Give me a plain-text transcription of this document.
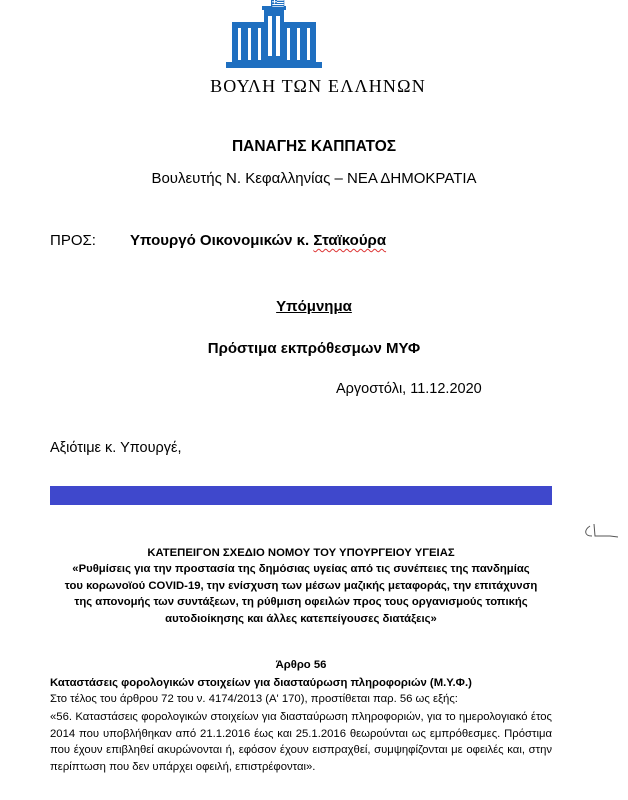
ΒΟΥΛΗ ΤΩΝ ΕΛΛΗΝΩΝ
ΠΑΝΑΓΗΣ ΚΑΠΠΑΤΟΣ
Βουλευτής Ν. Κεφαλληνίας – ΝΕΑ ΔΗΜΟΚΡΑΤΙΑ
ΠΡΟΣ: Υπουργό Οικονομικών κ. Σταϊκούρα
Υπόμνημα
Πρόστιμα εκπρόθεσμων ΜΥΦ
Αργοστόλι, 11.12.2020
Αξιότιμε κ. Υπουργέ,
ΚΑΤΕΠΕΙΓΟΝ ΣΧΕΔΙΟ ΝΟΜΟΥ ΤΟΥ ΥΠΟΥΡΓΕΙΟΥ ΥΓΕΙΑΣ
«Ρυθμίσεις για την προστασία της δημόσιας υγείας από τις συνέπειες της πανδημίας του κορωνοϊού COVID-19, την ενίσχυση των μέσων μαζικής μεταφοράς, την επιτάχυνση της απονομής των συντάξεων, τη ρύθμιση οφειλών προς τους οργανισμούς τοπικής αυτοδιοίκησης και άλλες κατεπείγουσες διατάξεις»
Άρθρο 56
Καταστάσεις φορολογικών στοιχείων για διασταύρωση πληροφοριών (Μ.Υ.Φ.)
Στο τέλος του άρθρου 72 του ν. 4174/2013 (Α' 170), προστίθεται παρ. 56 ως εξής:
«56. Καταστάσεις φορολογικών στοιχείων για διασταύρωση πληροφοριών, για το ημερολογιακό έτος 2014 που υποβλήθηκαν από 21.1.2016 έως και 25.1.2016 θεωρούνται ως εμπρόθεσμες. Πρόστιμα που έχουν επιβληθεί ακυρώνονται ή, εφόσον έχουν εισπραχθεί, συμψηφίζονται με οφειλές και, στην περίπτωση που δεν υπάρχει οφειλή, επιστρέφονται».
